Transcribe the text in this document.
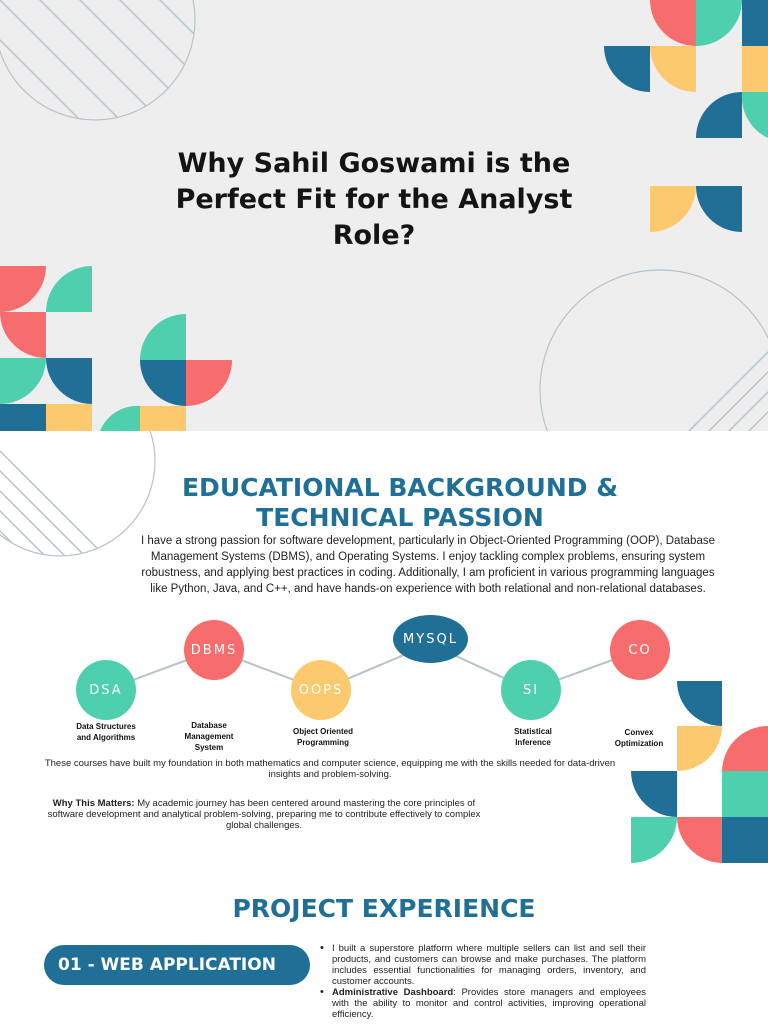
Why Sahil Goswami is the Perfect Fit for the Analyst Role?
EDUCATIONAL BACKGROUND & TECHNICAL PASSION

I have a strong passion for software development, particularly in Object-Oriented Programming (OOP), Database Management Systems (DBMS), and Operating Systems. I enjoy tackling complex problems, ensuring system robustness, and applying best practices in coding. Additionally, I am proficient in various programming languages like Python, Java, and C++, and have hands-on experience with both relational and non-relational databases.

DSA
DBMS
OOPS
MYSQL
SI
CO
Data Structures and Algorithms
Database Management System
Object Oriented Programming
Statistical Inference
Convex Optimization

These courses have built my foundation in both mathematics and computer science, equipping me with the skills needed for data-driven insights and problem-solving.

Why This Matters: My academic journey has been centered around mastering the core principles of software development and analytical problem-solving, preparing me to contribute effectively to complex global challenges.

PROJECT EXPERIENCE
01 - WEB APPLICATION
• I built a superstore platform where multiple sellers can list and sell their products, and customers can browse and make purchases. The platform includes essential functionalities for managing orders, inventory, and customer accounts.
• Administrative Dashboard: Provides store managers and employees with the ability to monitor and control activities, improving operational efficiency.
